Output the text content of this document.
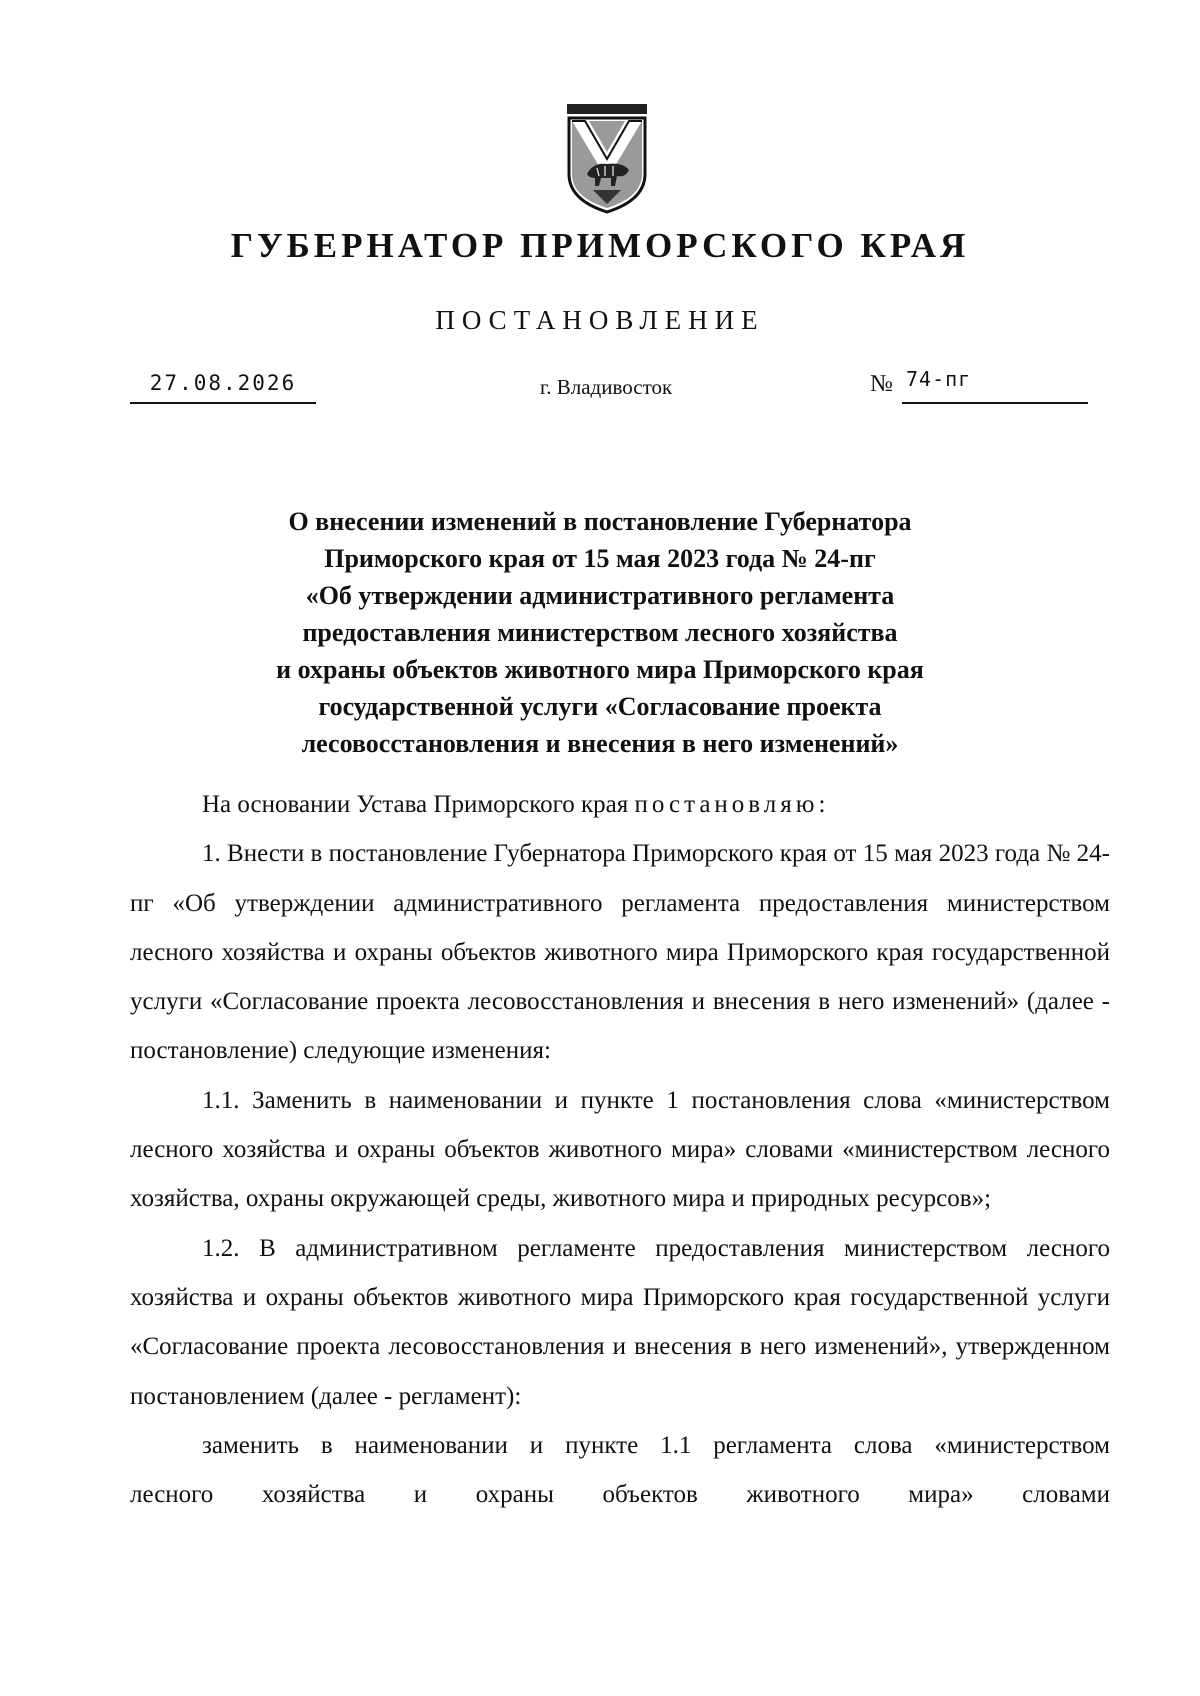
ГУБЕРНАТОР ПРИМОРСКОГО КРАЯ
ПОСТАНОВЛЕНИЕ
27.08.2026	г. Владивосток	№ 74-пг
О внесении изменений в постановление Губернатора
Приморского края от 15 мая 2023 года № 24-пг
«Об утверждении административного регламента
предоставления министерством лесного хозяйства
и охраны объектов животного мира Приморского края
государственной услуги «Согласование проекта
лесовосстановления и внесения в него изменений»

На основании Устава Приморского края постановляю:

1. Внести в постановление Губернатора Приморского края от 15 мая 2023 года № 24-пг «Об утверждении административного регламента предоставления министерством лесного хозяйства и охраны объектов животного мира Приморского края государственной услуги «Согласование проекта лесовосстановления и внесения в него изменений» (далее - постановление) следующие изменения:

1.1. Заменить в наименовании и пункте 1 постановления слова «министерством лесного хозяйства и охраны объектов животного мира» словами «министерством лесного хозяйства, охраны окружающей среды, животного мира и природных ресурсов»;

1.2. В административном регламенте предоставления министерством лесного хозяйства и охраны объектов животного мира Приморского края государственной услуги «Согласование проекта лесовосстановления и внесения в него изменений», утвержденном постановлением (далее - регламент):

заменить в наименовании и пункте 1.1 регламента слова «министерством

лесного хозяйства и охраны объектов животного мира» словами
